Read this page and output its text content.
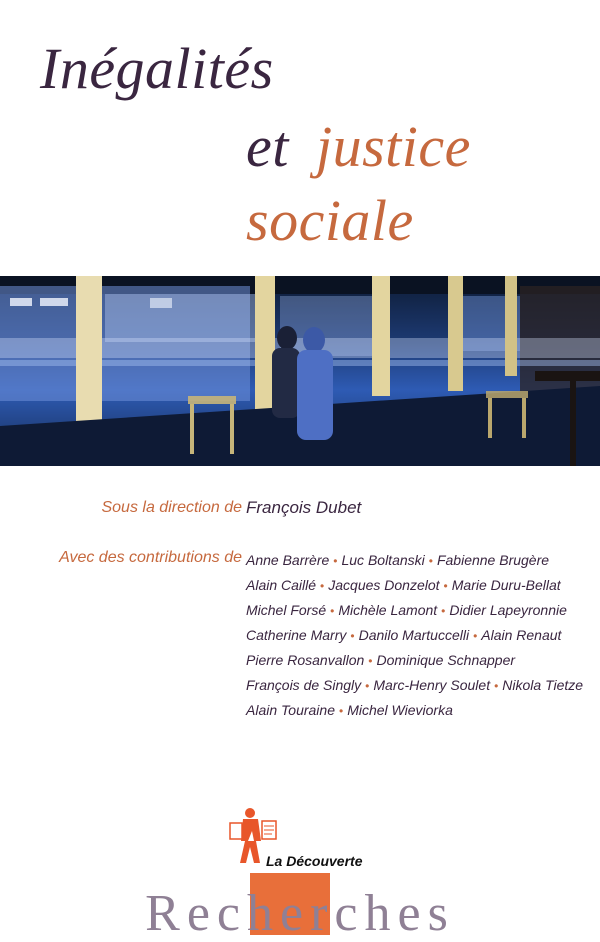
Inégalités
et justice
sociale
Sous la direction de François Dubet
Avec des contributions de Anne Barrère • Luc Boltanski • Fabienne Brugère
Alain Caillé • Jacques Donzelot • Marie Duru-Bellat
Michel Forsé • Michèle Lamont • Didier Lapeyronnie
Catherine Marry • Danilo Martuccelli • Alain Renaut
Pierre Rosanvallon • Dominique Schnapper
François de Singly • Marc-Henry Soulet • Nikola Tietze
Alain Touraine • Michel Wieviorka
La Découverte
Recherches
